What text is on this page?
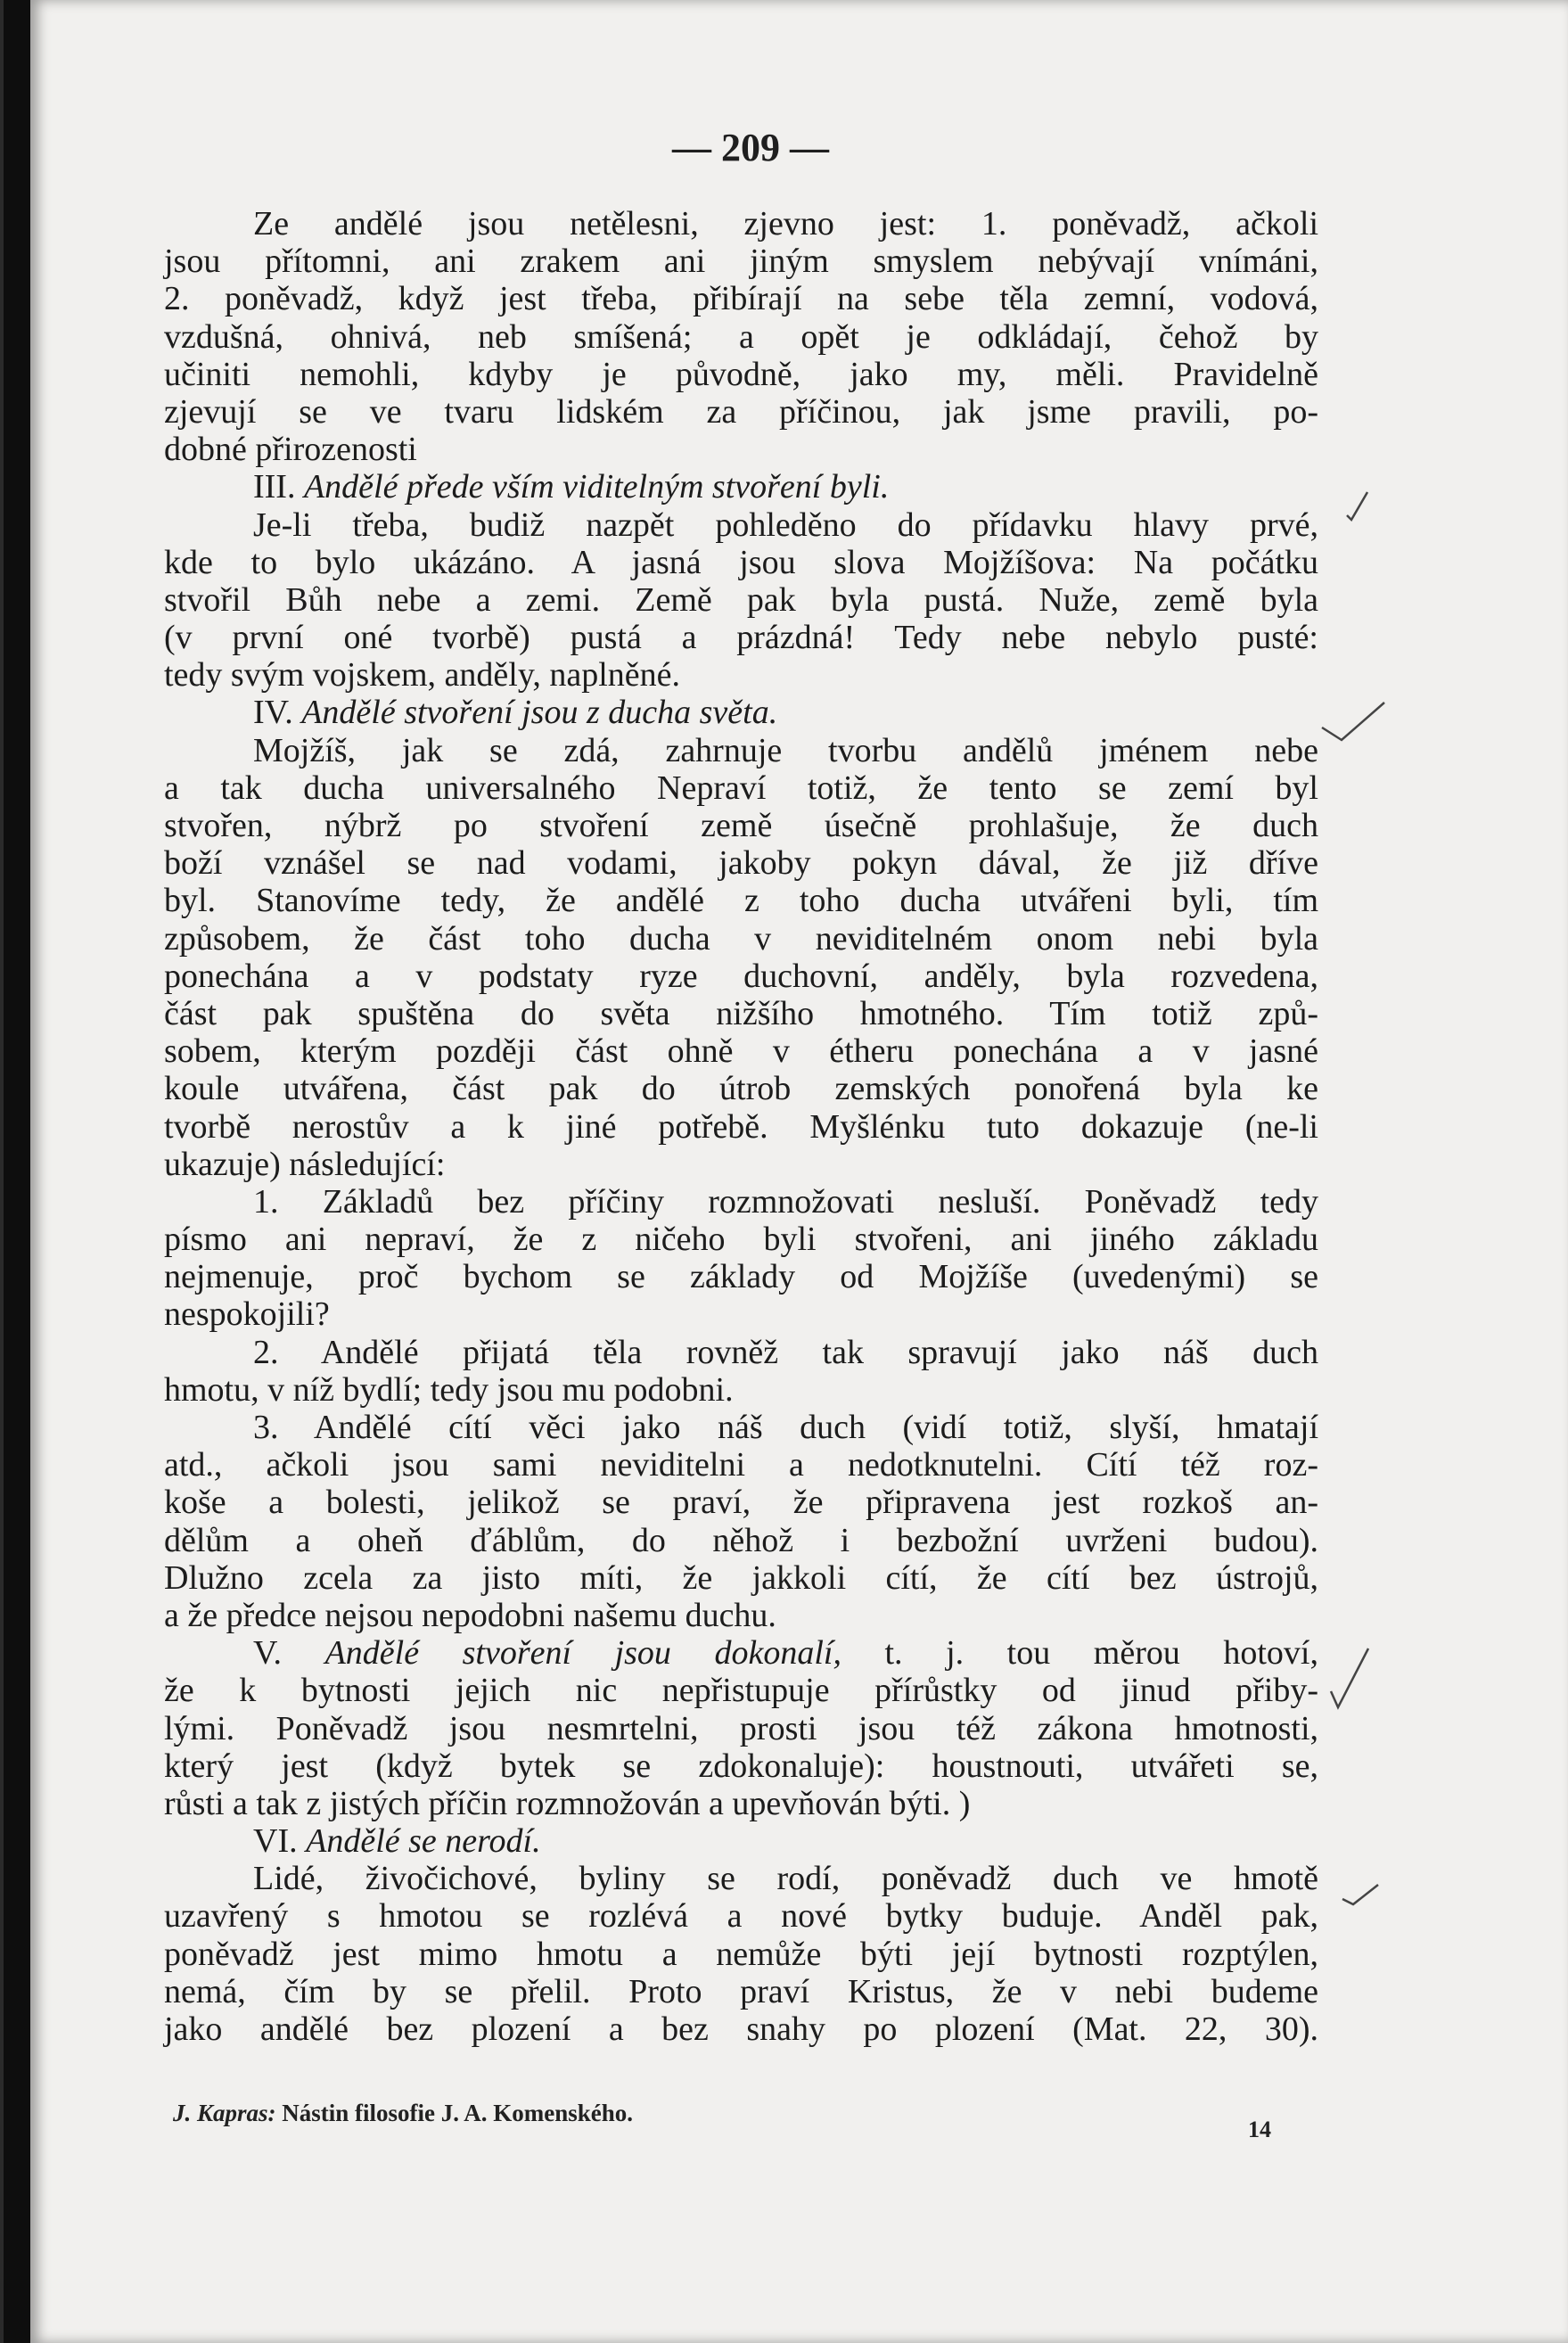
— 209 —
Ze andělé jsou netělesni, zjevno jest: 1. poněvadž, ačkoli
jsou přítomni, ani zrakem ani jiným smyslem nebývají vnímáni,
2. poněvadž, když jest třeba, přibírají na sebe těla zemní, vodová,
vzdušná, ohnivá, neb smíšená; a opět je odkládají, čehož by
učiniti nemohli, kdyby je původně, jako my, měli. Pravidelně
zjevují se ve tvaru lidském za příčinou, jak jsme pravili, po-
dobné přirozenosti
III. Andělé přede vším viditelným stvoření byli.
Je-li třeba, budiž nazpět pohleděno do přídavku hlavy prvé,
kde to bylo ukázáno. A jasná jsou slova Mojžíšova: Na počátku
stvořil Bůh nebe a zemi. Země pak byla pustá. Nuže, země byla
(v první oné tvorbě) pustá a prázdná! Tedy nebe nebylo pusté:
tedy svým vojskem, anděly, naplněné.
IV. Andělé stvoření jsou z ducha světa.
Mojžíš, jak se zdá, zahrnuje tvorbu andělů jménem nebe
a tak ducha universalného Nepraví totiž, že tento se zemí byl
stvořen, nýbrž po stvoření země úsečně prohlašuje, že duch
boží vznášel se nad vodami, jakoby pokyn dával, že již dříve
byl. Stanovíme tedy, že andělé z toho ducha utvářeni byli, tím
způsobem, že část toho ducha v neviditelném onom nebi byla
ponechána a v podstaty ryze duchovní, anděly, byla rozvedena,
část pak spuštěna do světa nižšího hmotného. Tím totiž způ-
sobem, kterým později část ohně v étheru ponechána a v jasné
koule utvářena, část pak do útrob zemských ponořená byla ke
tvorbě nerostův a k jiné potřebě. Myšlénku tuto dokazuje (ne-li
ukazuje) následující:
1. Základů bez příčiny rozmnožovati nesluší. Poněvadž tedy
písmo ani nepraví, že z ničeho byli stvořeni, ani jiného základu
nejmenuje, proč bychom se základy od Mojžíše (uvedenými) se
nespokojili?
2. Andělé přijatá těla rovněž tak spravují jako náš duch
hmotu, v níž bydlí; tedy jsou mu podobni.
3. Andělé cítí věci jako náš duch (vidí totiž, slyší, hmatají
atd., ačkoli jsou sami neviditelni a nedotknutelni. Cítí též roz-
koše a bolesti, jelikož se praví, že připravena jest rozkoš an-
dělům a oheň ďáblům, do něhož i bezbožní uvrženi budou).
Dlužno zcela za jisto míti, že jakkoli cítí, že cítí bez ústrojů,
a že předce nejsou nepodobni našemu duchu.
V. Andělé stvoření jsou dokonalí, t. j. tou měrou hotoví,
že k bytnosti jejich nic nepřistupuje přírůstky od jinud přiby-
lými. Poněvadž jsou nesmrtelni, prosti jsou též zákona hmotnosti,
který jest (když bytek se zdokonaluje): houstnouti, utvářeti se,
růsti a tak z jistých příčin rozmnožován a upevňován býti. )
VI. Andělé se nerodí.
Lidé, živočichové, byliny se rodí, poněvadž duch ve hmotě
uzavřený s hmotou se rozlévá a nové bytky buduje. Anděl pak,
poněvadž jest mimo hmotu a nemůže býti její bytnosti rozptýlen,
nemá, čím by se přelil. Proto praví Kristus, že v nebi budeme
jako andělé bez plození a bez snahy po plození (Mat. 22, 30).
J. Kapras: Nástin filosofie J. A. Komenského.
14
